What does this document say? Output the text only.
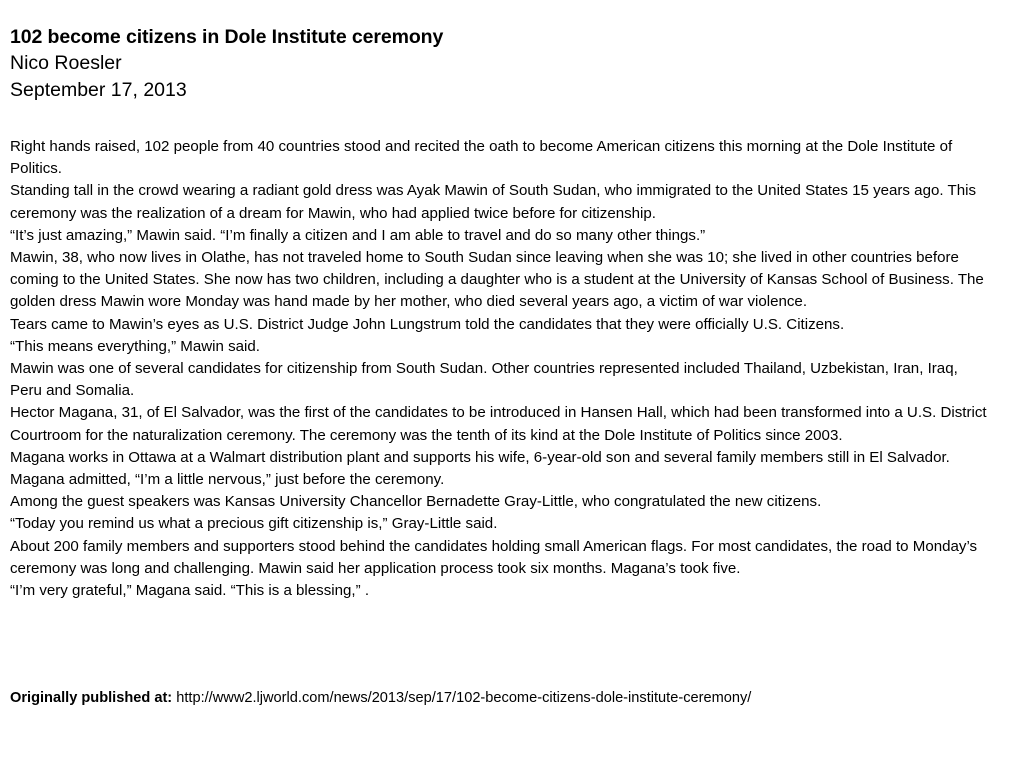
102 become citizens in Dole Institute ceremony
Nico Roesler
September 17, 2013

Right hands raised, 102 people from 40 countries stood and recited the oath to become American citizens this morning at the Dole Institute of Politics.

Standing tall in the crowd wearing a radiant gold dress was Ayak Mawin of South Sudan, who immigrated to the United States 15 years ago. This ceremony was the realization of a dream for Mawin, who had applied twice before for citizenship.

“It’s just amazing,” Mawin said. “I’m finally a citizen and I am able to travel and do so many other things.”

Mawin, 38, who now lives in Olathe, has not traveled home to South Sudan since leaving when she was 10; she lived in other countries before coming to the United States. She now has two children, including a daughter who is a student at the University of Kansas School of Business. The golden dress Mawin wore Monday was hand made by her mother, who died several years ago, a victim of war violence.

Tears came to Mawin’s eyes as U.S. District Judge John Lungstrum told the candidates that they were officially U.S. Citizens.

“This means everything,” Mawin said.

Mawin was one of several candidates for citizenship from South Sudan. Other countries represented included Thailand, Uzbekistan, Iran, Iraq, Peru and Somalia.

Hector Magana, 31, of El Salvador, was the first of the candidates to be introduced in Hansen Hall, which had been transformed into a U.S. District Courtroom for the naturalization ceremony. The ceremony was the tenth of its kind at the Dole Institute of Politics since 2003.

Magana works in Ottawa at a Walmart distribution plant and supports his wife, 6-year-old son and several family members still in El Salvador. Magana admitted, “I’m a little nervous,” just before the ceremony.

Among the guest speakers was Kansas University Chancellor Bernadette Gray-Little, who congratulated the new citizens.

“Today you remind us what a precious gift citizenship is,” Gray-Little said.

About 200 family members and supporters stood behind the candidates holding small American flags. For most candidates, the road to Monday’s ceremony was long and challenging. Mawin said her application process took six months. Magana’s took five.

“I’m very grateful,” Magana said. “This is a blessing,” .

Originally published at: http://www2.ljworld.com/news/2013/sep/17/102-become-citizens-dole-institute-ceremony/
